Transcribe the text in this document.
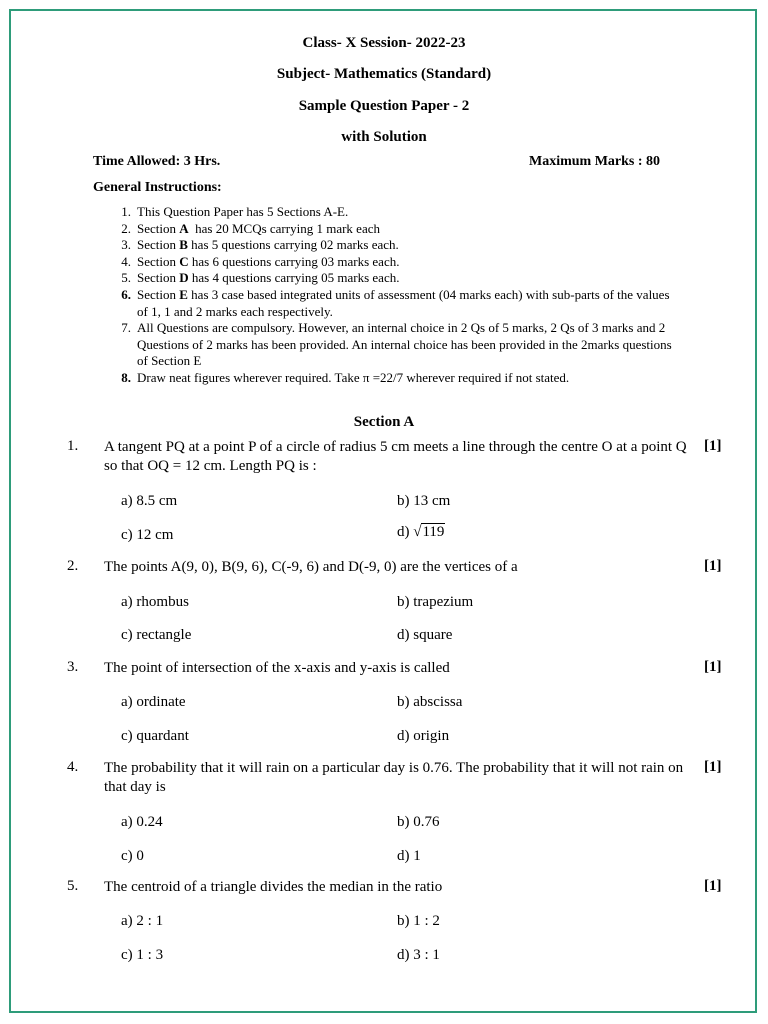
Class- X Session- 2022-23
Subject- Mathematics (Standard)
Sample Question Paper - 2
with Solution
Time Allowed: 3 Hrs.	Maximum Marks : 80
General Instructions:
1. This Question Paper has 5 Sections A-E.
2. Section A  has 20 MCQs carrying 1 mark each
3. Section B has 5 questions carrying 02 marks each.
4. Section C has 6 questions carrying 03 marks each.
5. Section D has 4 questions carrying 05 marks each.
6. Section E has 3 case based integrated units of assessment (04 marks each) with sub-parts of the values of 1, 1 and 2 marks each respectively.
7. All Questions are compulsory. However, an internal choice in 2 Qs of 5 marks, 2 Qs of 3 marks and 2 Questions of 2 marks has been provided. An internal choice has been provided in the 2marks questions of Section E
8. Draw neat figures wherever required. Take π =22/7 wherever required if not stated.
Section A
1. A tangent PQ at a point P of a circle of radius 5 cm meets a line through the centre O at a point Q so that OQ = 12 cm. Length PQ is :
[1]
a) 8.5 cm	b) 13 cm
c) 12 cm	d) √119
2. The points A(9, 0), B(9, 6), C(-9, 6) and D(-9, 0) are the vertices of a	[1]
a) rhombus	b) trapezium
c) rectangle	d) square
3. The point of intersection of the x-axis and y-axis is called	[1]
a) ordinate	b) abscissa
c) quardant	d) origin
4. The probability that it will rain on a particular day is 0.76. The probability that it will not rain on that day is
[1]
a) 0.24	b) 0.76
c) 0	d) 1
5. The centroid of a triangle divides the median in the ratio	[1]
a) 2 : 1	b) 1 : 2
c) 1 : 3	d) 3 : 1
